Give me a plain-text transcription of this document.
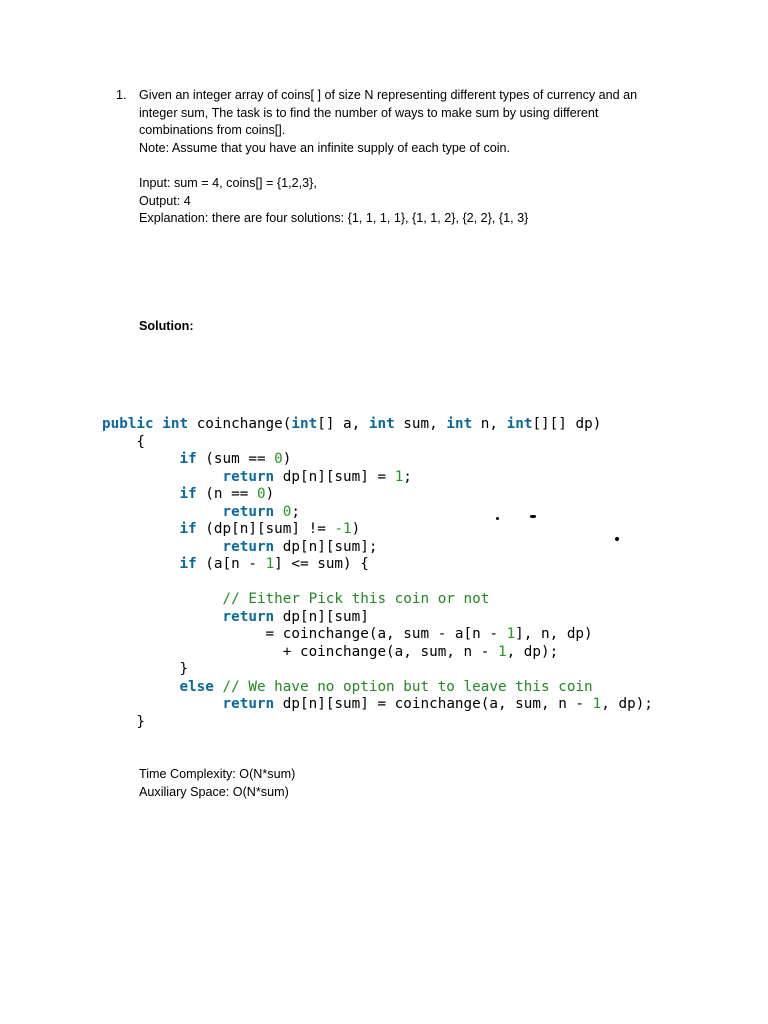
1. Given an integer array of coins[ ] of size N representing different types of currency and an
integer sum, The task is to find the number of ways to make sum by using different
combinations from coins[].
Note: Assume that you have an infinite supply of each type of coin.
Input: sum = 4, coins[] = {1,2,3},
Output: 4
Explanation: there are four solutions: {1, 1, 1, 1}, {1, 1, 2}, {2, 2}, {1, 3}
Solution:
public int coinchange(int[] a, int sum, int n, int[][] dp)
{
if (sum == 0)
return dp[n][sum] = 1;
if (n == 0)
return 0;
if (dp[n][sum] != -1)
return dp[n][sum];
if (a[n - 1] <= sum) {
// Either Pick this coin or not
return dp[n][sum]
= coinchange(a, sum - a[n - 1], n, dp)
+ coinchange(a, sum, n - 1, dp);
}
else // We have no option but to leave this coin
return dp[n][sum] = coinchange(a, sum, n - 1, dp);
}
Time Complexity: O(N*sum)
Auxiliary Space: O(N*sum)
